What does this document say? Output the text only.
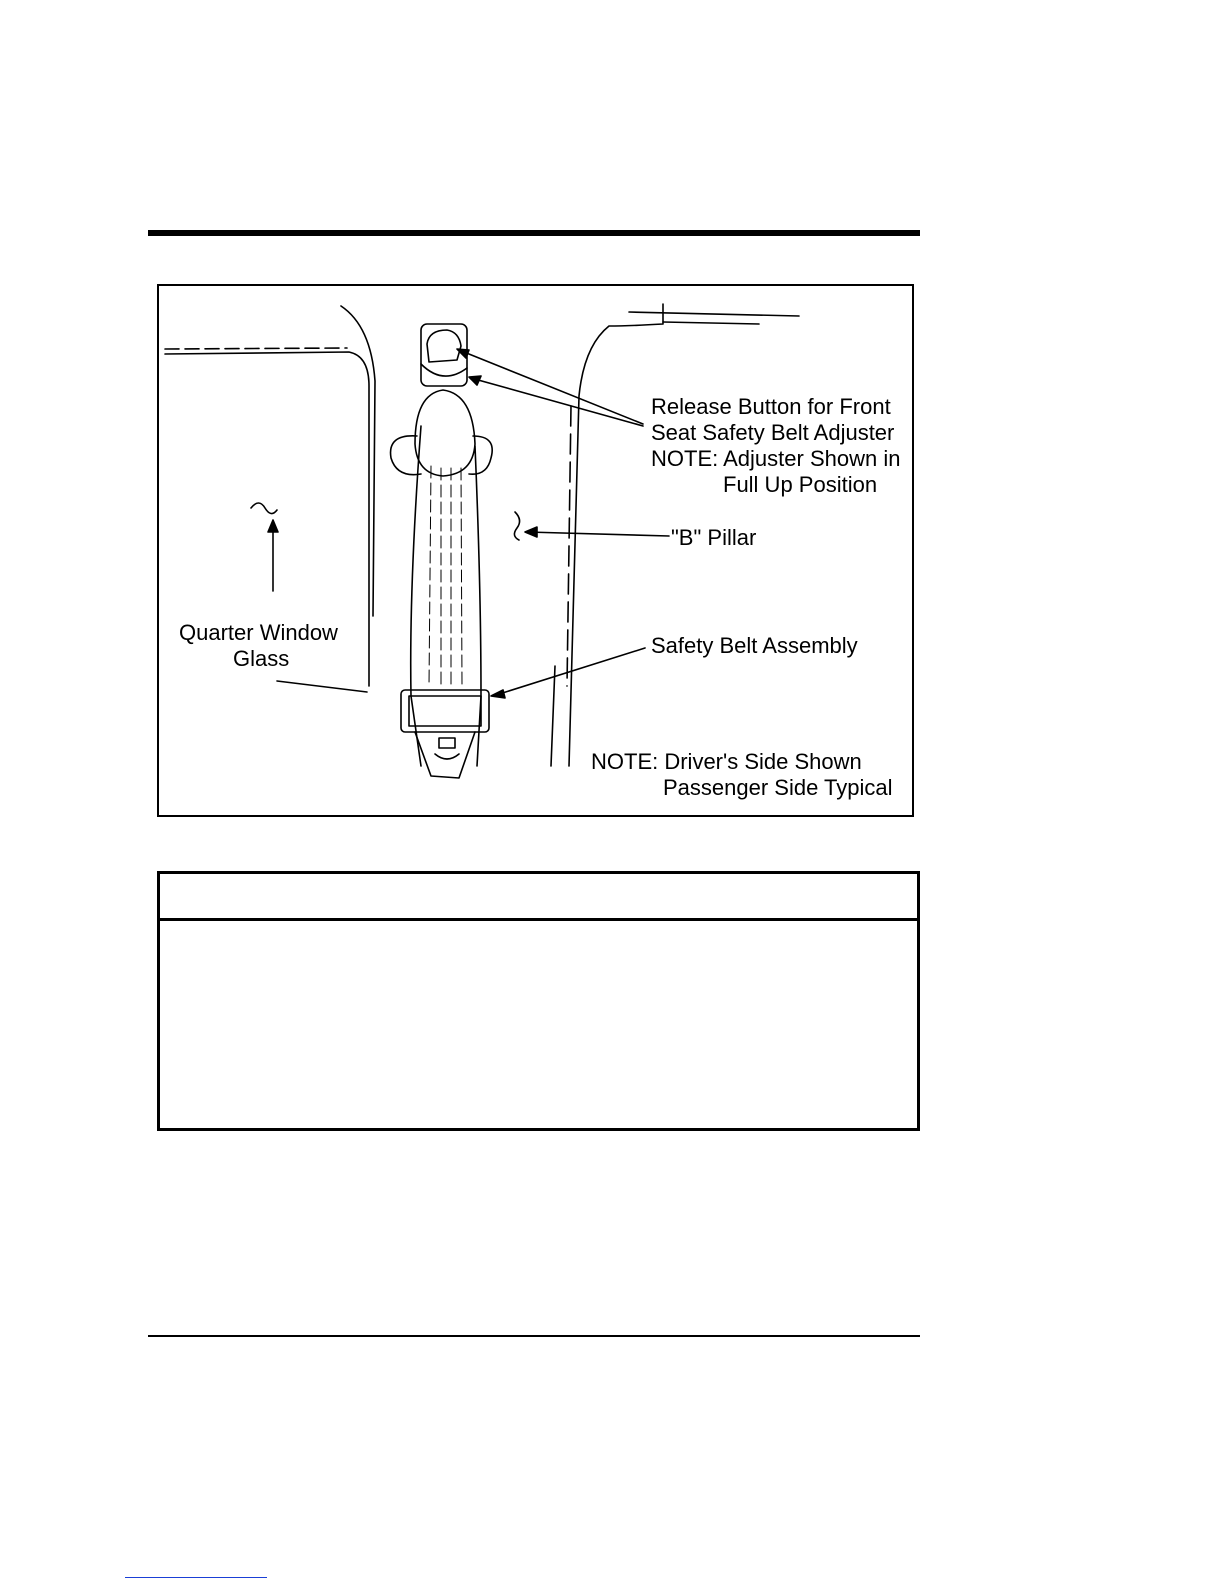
Release Button for Front
Seat Safety Belt Adjuster
NOTE: Adjuster Shown in
Full Up Position
"B" Pillar
Quarter Window
Glass
Safety Belt Assembly
NOTE: Driver's Side Shown
Passenger Side Typical
